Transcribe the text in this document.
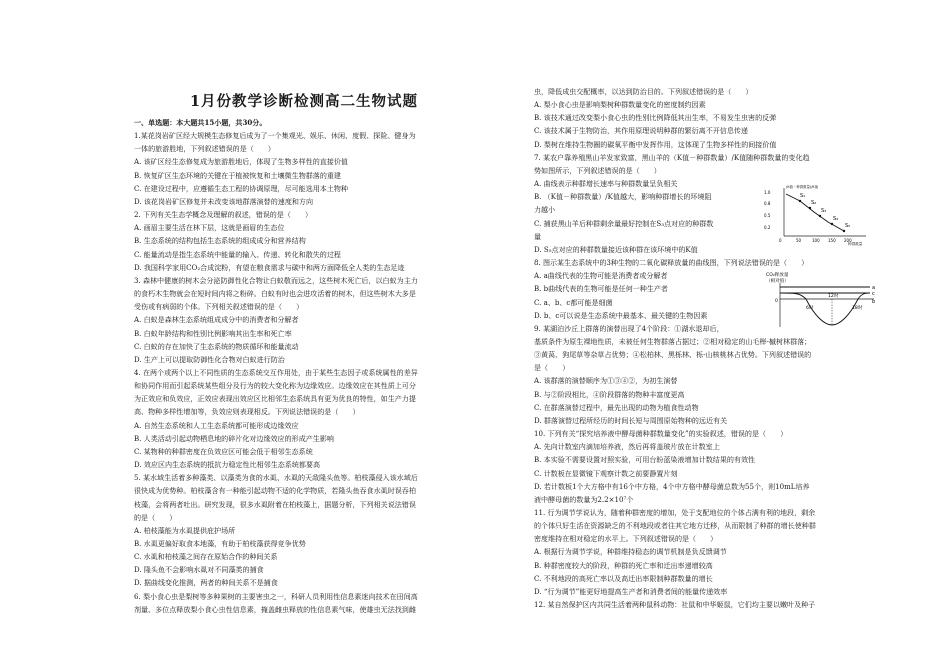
1月份教学诊断检测高二生物试题
一、单选题：本大题共15小题，共30分。
1.某花岗岩矿区经大规模生态修复后成为了一个集观光、娱乐、休闲、度假、探险、健身为
一体的旅游胜地，下列叙述错误的是（　　）
A. 该矿区经生态修复成为旅游胜地后，体现了生物多样性的直接价值
B. 恢复矿区生态环境的关键在于植被恢复和土壤微生物群落的重建
C. 在建设过程中，应遵循生态工程的协调原理，尽可能选用本土物种
D. 该花岗岩矿区修复并未改变该地群落演替的速度和方向
2. 下列有关生态学概念及理解的叙述，错误的是（　　）
A. 画眉主要生活在林下层，这就是画眉的生态位
B. 生态系统的结构包括生态系统的组成成分和营养结构
C. 能量流动是指生态系统中能量的输入、传递、转化和散失的过程
D. 我国科学家用CO₂合成淀粉，有望在粮食需求与碳中和两方面降低全人类的生态足迹
3. 森林中健康的树木会分泌防御性化合物让白蚁敬而远之，这些树木死亡后，以白蚁为主力
的食朽木生物就会在短时间内将之粉碎。白蚁有时也会进攻活着的树木，但这些树木大多是
受伤或有病弱的个体。下列相关叙述错误的是（　　）
A. 白蚁是森林生态系统组成成分中的消费者和分解者
B. 白蚁年龄结构和性别比例影响其出生率和死亡率
C. 白蚁的存在加快了生态系统的物质循环和能量流动
D. 生产上可以提取防御性化合物对白蚁进行防治
4. 在两个或两个以上不同性质的生态系统交互作用处，由于某些生态因子或系统属性的差异
和协同作用而引起系统某些组分及行为的较大变化称为边缘效应。边缘效应在其性质上可分
为正效应和负效应，正效应表现出效应区比相邻生态系统具有更为优良的特性，如生产力提
高、物种多样性增加等，负效应则表现相反。下列说法错误的是（　　）
A. 自然生态系统和人工生态系统都可能形成边缘效应
B. 人类活动引起动物栖息地的碎片化对边缘效应的形成产生影响
C. 某物种的种群密度在负效应区可能会低于相邻生态系统
D. 效应区内生态系统的抵抗力稳定性比相邻生态系统都要高
5. 某水域生活着多种藻类、以藻类为食的水虱、水虱的天敌隆头鱼等。柏枝藻侵入该水域后
很快成为优势种。柏枝藻含有一种能引起动物不适的化学物质，若隆头鱼吞食水虱时误吞柏
枝藻，会将两者吐出。研究发现，很多水虱附着在柏枝藻上，据题分析，下列相关说法错误
的是（　　）
A. 柏枝藻能为水虱提供庇护场所
B. 水虱更偏好取食本地藻，有助于柏枝藻获得竞争优势
C. 水虱和柏枝藻之间存在原始合作的种间关系
D. 隆头鱼不会影响水虱对不同藻类的捕食
D. 据曲线变化推测，两者的种间关系不是捕食
6. 梨小食心虫是梨树等多种果树的主要害虫之一，科研人员利用性信息素迷向技术在田间高
剂量、多位点释放梨小食心虫性信息素，掩盖雌虫释放的性信息素气味，使雄虫无法找到雌
虫，降低成虫交配概率，以达到防治目的。下列叙述错误的是（　　）
A. 梨小食心虫是影响梨树种群数量变化的密度制约因素
B. 该技术通过改变梨小食心虫的性别比例降低其出生率，不易发生虫害的反弹
C. 该技术属于生物防治，其作用原理说明种群的繁衍离不开信息传递
D. 梨树在维持生物圈的碳氧平衡中发挥作用，这体现了生物多样性的间接价值
7. 某农户靠养殖黑山羊发家致富，黑山羊的（K值－种群数量）/K值随种群数量的变化趋
势如图所示，下列叙述错误的是（　　）
A. 曲线表示种群增长速率与种群数量呈负相关
B. （K值－种群数量）/K值越大，影响种群增长的环境阻
力越小
C. 捕获黑山羊后种群剩余量最好控制在S₃点对应的种群数
量
D. S₅点对应的种群数量接近该种群在该环境中的K值
8. 图示某生态系统中的3种生物的二氧化碳释放量的曲线图，下列说法错误的是（　　）
A. a曲线代表的生物可能是消费者或分解者
B. b曲线代表的生物可能是任何一种生产者
C. a、b、c都可能是细菌
D. b、c可以说是生态系统中最基本、最关键的生物因素
9. 某湖泊沙丘上群落的演替出现了4个阶段：①湖水退却后，
基质条件为原生裸地性质，未被任何生物群落占据过；②相对稳定的山毛榉-槭树林群落；
③黄莴、狗尾草等杂草占优势；④松柏林、黑栎林、栎-山核桃林占优势。下列叙述错误的
是（　　）
A. 该群落的演替顺序为①③④②，为初生演替
B. 与②阶段相比，④阶段群落的物种丰富度更高
C. 在群落演替过程中，最先出现的动物为植食性动物
D. 群落演替过程所经历的时间长短与周围原始物种的远近有关
10. 下列有关“探究培养液中酵母菌种群数量变化”的实验叙述，错误的是（　　）
A. 先向计数室内滴加培养液，然后再将盖玻片放在计数室上
B. 本实验不需要设置对照实验，可用台盼蓝染液增加计数结果的有效性
C. 计数板在显微镜下观察计数之前要静置片刻
D. 若计数板1个大方格中有16个中方格，4个中方格中酵母菌总数为55个，则10mL培养
液中酵母菌的数量为2.2×10⁷个
11. 行为调节学说认为，随着种群密度的增加，处于支配地位的个体占满有利的地段，剩余
的个体只好生活在资源缺乏的不利地段或者往其它地方迁移，从而限制了种群的增长使种群
密度维持在相对稳定的水平上。下列叙述错误的是（　　）
A. 根据行为调节学说，种群维持稳态的调节机制是负反馈调节
B. 种群密度较大的阶段，种群的死亡率和迁出率递增较高
C. 不利地段的高死亡率以及高迁出率限制种群数量的增长
D. “行为调节”能更好地提高生产者和消费者间的能量传递效率
12. 某自然保护区内共同生活着两种鼠科动物：社鼠和中华姬鼠，它们均主要以嫩叶及种子
S₁
S₂
S₃
S₄
S₅
1.0
0.8
0.5
0.2
0	50	100 150 200
种群数量
(K值－种群数量)/K值
CO₂释放量
（相对值）
0
a
b
c
6时
12时
18时
